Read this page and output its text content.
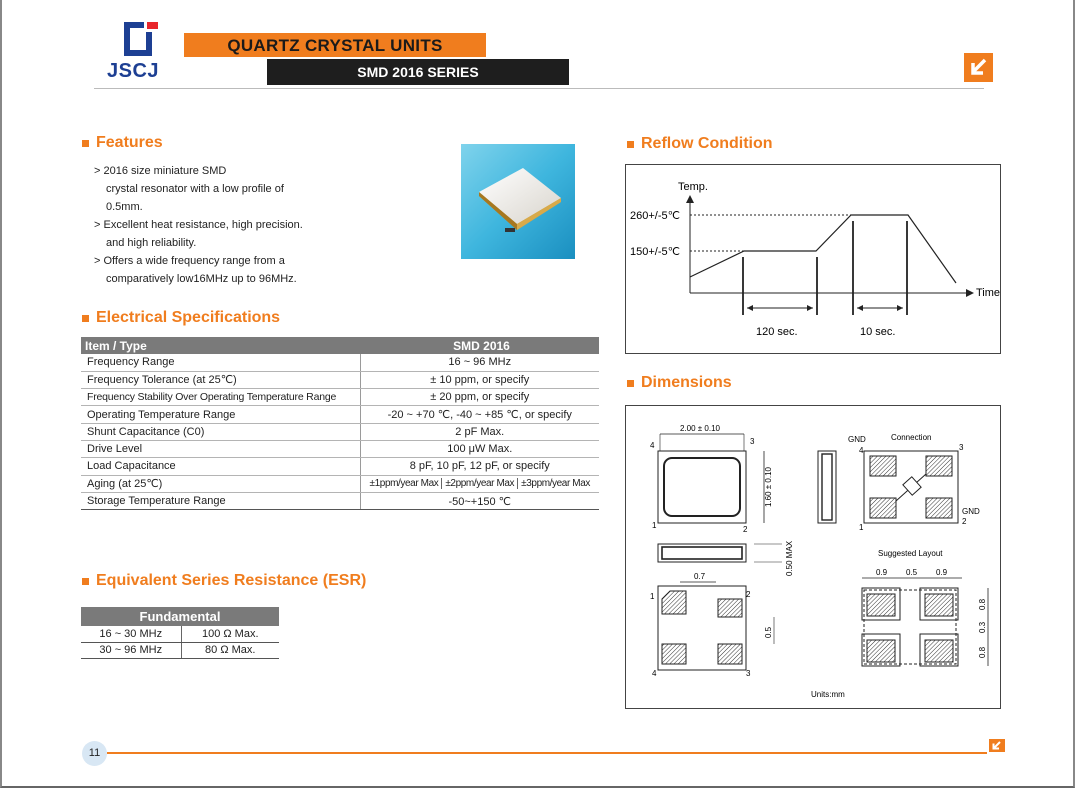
JSCJ
QUARTZ CRYSTAL UNITS
SMD 2016 SERIES
Features

> 2016 size miniature SMD

crystal resonator with a low profile of

0.5mm.

> Excellent heat resistance, high precision.

and high reliability.

> Offers a wide frequency range from a

comparatively low16MHz up to 96MHz.

Electrical Specifications
Item / Type	SMD 2016
Frequency Range	16 ~ 96 MHz
Frequency Tolerance (at 25℃)	± 10 ppm, or specify
Frequency Stability Over Operating Temperature Range	± 20 ppm, or specify
Operating Temperature Range	-20 ~ +70 ℃, -40 ~ +85 ℃, or specify
Shunt Capacitance (C0)	2 pF Max.
Drive Level	100 μW Max.
Load Capacitance	8 pF, 10 pF, 12 pF, or specify
Aging (at 25℃)	±1ppm/year Max ±2ppm/year Max ±3ppm/year Max

Storage Temperature Range	-50~+150 ℃
Equivalent Series Resistance (ESR)
Fundamental	
16 ~ 30 MHz	100 Ω Max.
30 ~ 96 MHz	80 Ω Max.
Reflow Condition
Temp.
Time
260+/-5℃
150+/-5℃
120 sec.	10 sec.
Dimensions
2.00 ± 0.10
1.60 ± 0.10
4	3
1	2
0.50 MAX
0.7
1	2
4	3
0.5
Connection
GND
4	3
1
GND
2
Suggested Layout
0.9 0.5 0.9
0.8
0.3
0.8
Units:mm
11
